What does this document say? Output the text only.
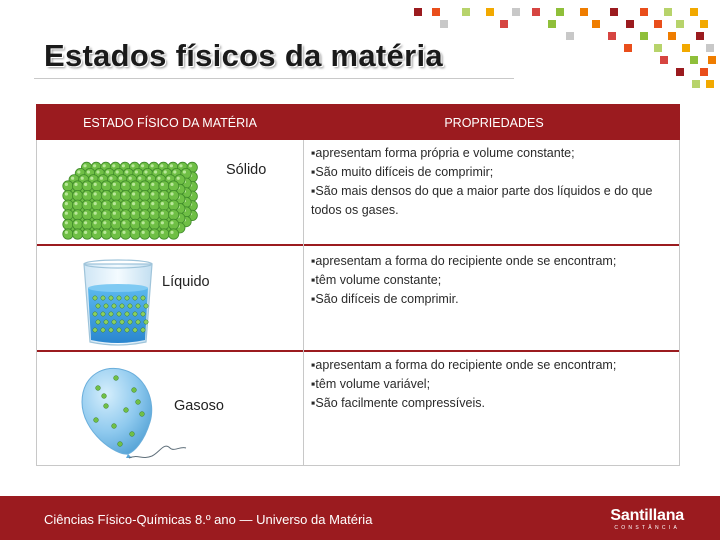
Estados físicos da matéria
ESTADO FÍSICO DA MATÉRIA	PROPRIEDADES
Sólido
▪apresentam forma própria e volume constante;
▪São muito difíceis de comprimir;
▪São mais densos do que a maior parte dos líquidos e do que todos os gases.
Líquido
▪apresentam a forma do recipiente onde se encontram;
▪têm volume constante;
▪São difíceis de comprimir.
Gasoso
▪apresentam a forma do recipiente onde se encontram;
▪têm volume variável;
▪São facilmente compressíveis.
Ciências Físico-Químicas 8.º ano — Universo da Matéria	Santillana
CONSTÂNCIA
